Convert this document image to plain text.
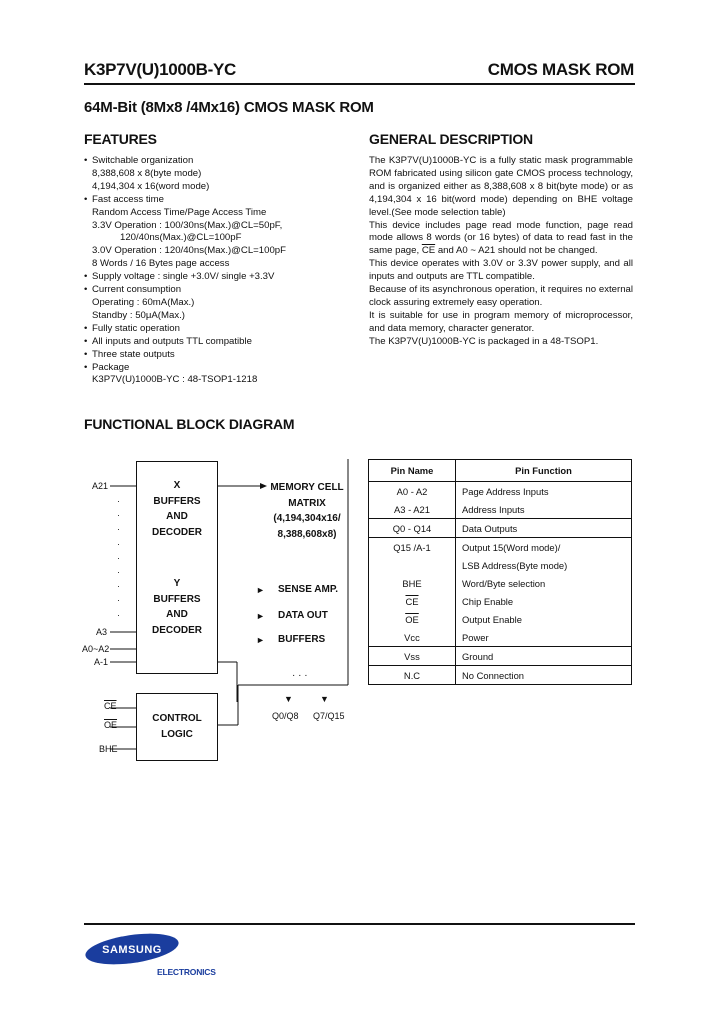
K3P7V(U)1000B-YC	CMOS MASK ROM
64M-Bit (8Mx8 /4Mx16) CMOS MASK ROM
FEATURES	GENERAL DESCRIPTION
• Switchable organization
8,388,608 x 8(byte mode)
4,194,304 x 16(word mode)
• Fast access time
Random Access Time/Page Access Time
3.3V Operation : 100/30ns(Max.)@CL=50pF,
120/40ns(Max.)@CL=100pF
3.0V Operation : 120/40ns(Max.)@CL=100pF
8 Words / 16 Bytes page access
• Supply voltage : single +3.0V/ single +3.3V
• Current consumption
Operating : 60mA(Max.)
Standby : 50μA(Max.)
• Fully static operation
• All inputs and outputs TTL compatible
• Three state outputs
• Package
K3P7V(U)1000B-YC : 48-TSOP1-1218

The K3P7V(U)1000B-YC is a fully static mask programmable ROM fabricated using silicon gate CMOS process technology, and is organized either as 8,388,608 x 8 bit(byte mode) or as 4,194,304 x 16 bit(word mode) depending on BHE voltage level.(See mode selection table)

This device includes page read mode function, page read mode allows 8 words (or 16 bytes) of data to read fast in the same page, $\overline{CE}$ and A0 ~ A21 should not be changed.

This device operates with 3.0V or 3.3V power supply, and all inputs and outputs are TTL compatible.

Because of its asynchronous operation, it requires no external clock assuring extremely easy operation.

It is suitable for use in program memory of microprocessor, and data memory, character generator.

The K3P7V(U)1000B-YC is packaged in a 48-TSOP1.

FUNCTIONAL BLOCK DIAGRAM
X
BUFFERS
AND
DECODER
Y
BUFFERS
AND
DECODER
CONTROL
LOGIC
MEMORY CELL
MATRIX
(4,194,304x16/
8,388,608x8)
► SENSE AMP.
► DATA OUT
► BUFFERS
A21
·
·
·
·
·
·
·
·
·
A3
A0~A2
A-1
$\overline{CE}$
$\overline{OE}$
BHE
· · ·
▼	▼
Q0/Q8 Q7/Q15
Pin Name	Pin Function
A0 - A2	Page Address Inputs
A3 - A21	Address Inputs
Q0 - Q14	Data Outputs
Q15 /A-1	Output 15(Word mode)/
	LSB Address(Byte mode)
BHE	Word/Byte selection
$\overline{CE}$	Chip Enable
$\overline{OE}$	Output Enable
Vcc	Power
Vss	Ground
N.C	No Connection
SAMSUNG
ELECTRONICS
